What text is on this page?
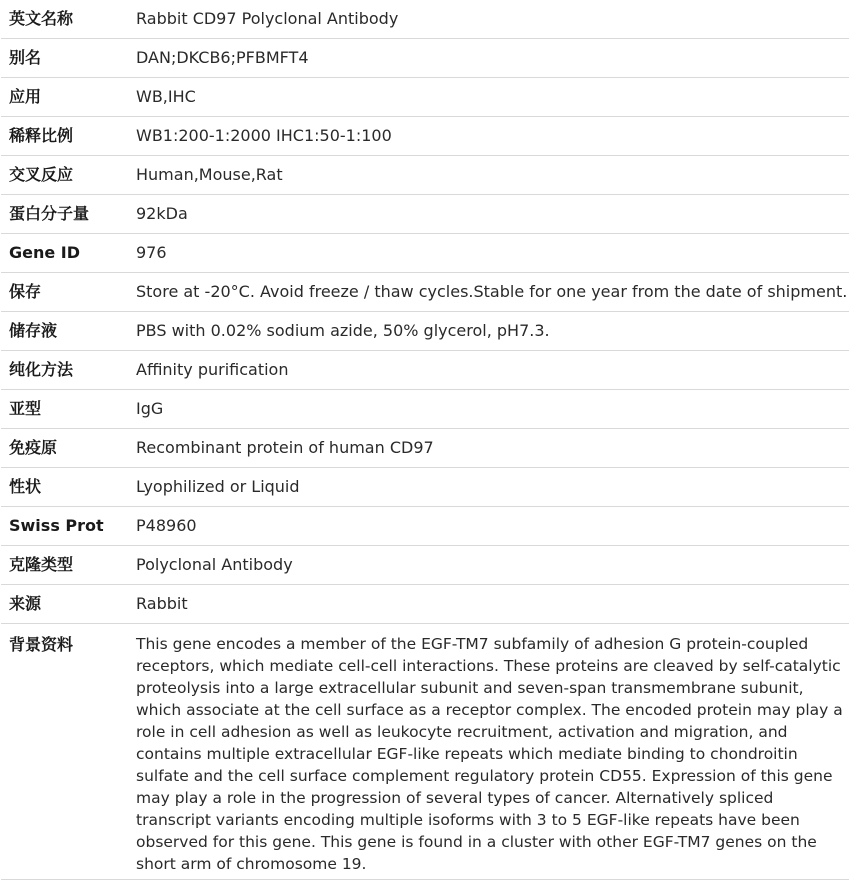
英文名称	Rabbit CD97 Polyclonal Antibody
别名	DAN;DKCB6;PFBMFT4
应用	WB,IHC
稀释比例	WB1:200-1:2000 IHC1:50-1:100
交叉反应	Human,Mouse,Rat
蛋白分子量	92kDa
Gene ID	976
保存	Store at -20°C. Avoid freeze / thaw cycles.Stable for one year from the date of shipment.
储存液	PBS with 0.02% sodium azide, 50% glycerol, pH7.3.
纯化方法	Affinity purification
亚型	IgG
免疫原	Recombinant protein of human CD97
性状	Lyophilized or Liquid
Swiss Prot	P48960
克隆类型	Polyclonal Antibody
来源	Rabbit
背景资料	This gene encodes a member of the EGF-TM7 subfamily of adhesion G protein-coupled receptors, which mediate cell-cell interactions. These proteins are cleaved by self-catalytic proteolysis into a large extracellular subunit and seven-span transmembrane subunit, which associate at the cell surface as a receptor complex. The encoded protein may play a role in cell adhesion as well as leukocyte recruitment, activation and migration, and contains multiple extracellular EGF-like repeats which mediate binding to chondroitin sulfate and the cell surface complement regulatory protein CD55. Expression of this gene may play a role in the progression of several types of cancer. Alternatively spliced transcript variants encoding multiple isoforms with 3 to 5 EGF-like repeats have been observed for this gene. This gene is found in a cluster with other EGF-TM7 genes on the short arm of chromosome 19.
